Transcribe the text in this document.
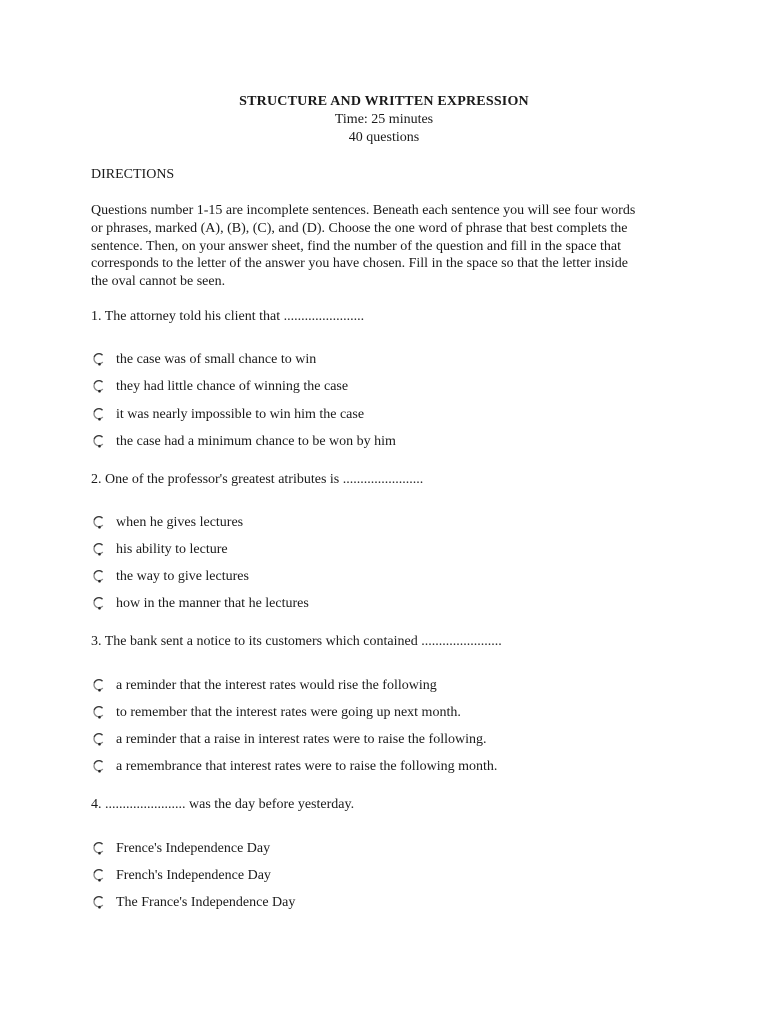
STRUCTURE AND WRITTEN EXPRESSION
Time: 25 minutes
40 questions
DIRECTIONS
Questions number 1-15 are incomplete sentences. Beneath each sentence you will see four words
or phrases, marked (A), (B), (C), and (D). Choose the one word of phrase that best complets the
sentence. Then, on your answer sheet, find the number of the question and fill in the space that
corresponds to the letter of the answer you have chosen. Fill in the space so that the letter inside
the oval cannot be seen.
1. The attorney told his client that .......................
the case was of small chance to win
they had little chance of winning the case
it was nearly impossible to win him the case
the case had a minimum chance to be won by him
2. One of the professor's greatest atributes is .......................
when he gives lectures
his ability to lecture
the way to give lectures
how in the manner that he lectures
3. The bank sent a notice to its customers which contained .......................
a reminder that the interest rates would rise the following
to remember that the interest rates were going up next month.
a reminder that a raise in interest rates were to raise the following.
a remembrance that interest rates were to raise the following month.
4. ....................... was the day before yesterday.
Frence's Independence Day
French's Independence Day
The France's Independence Day
